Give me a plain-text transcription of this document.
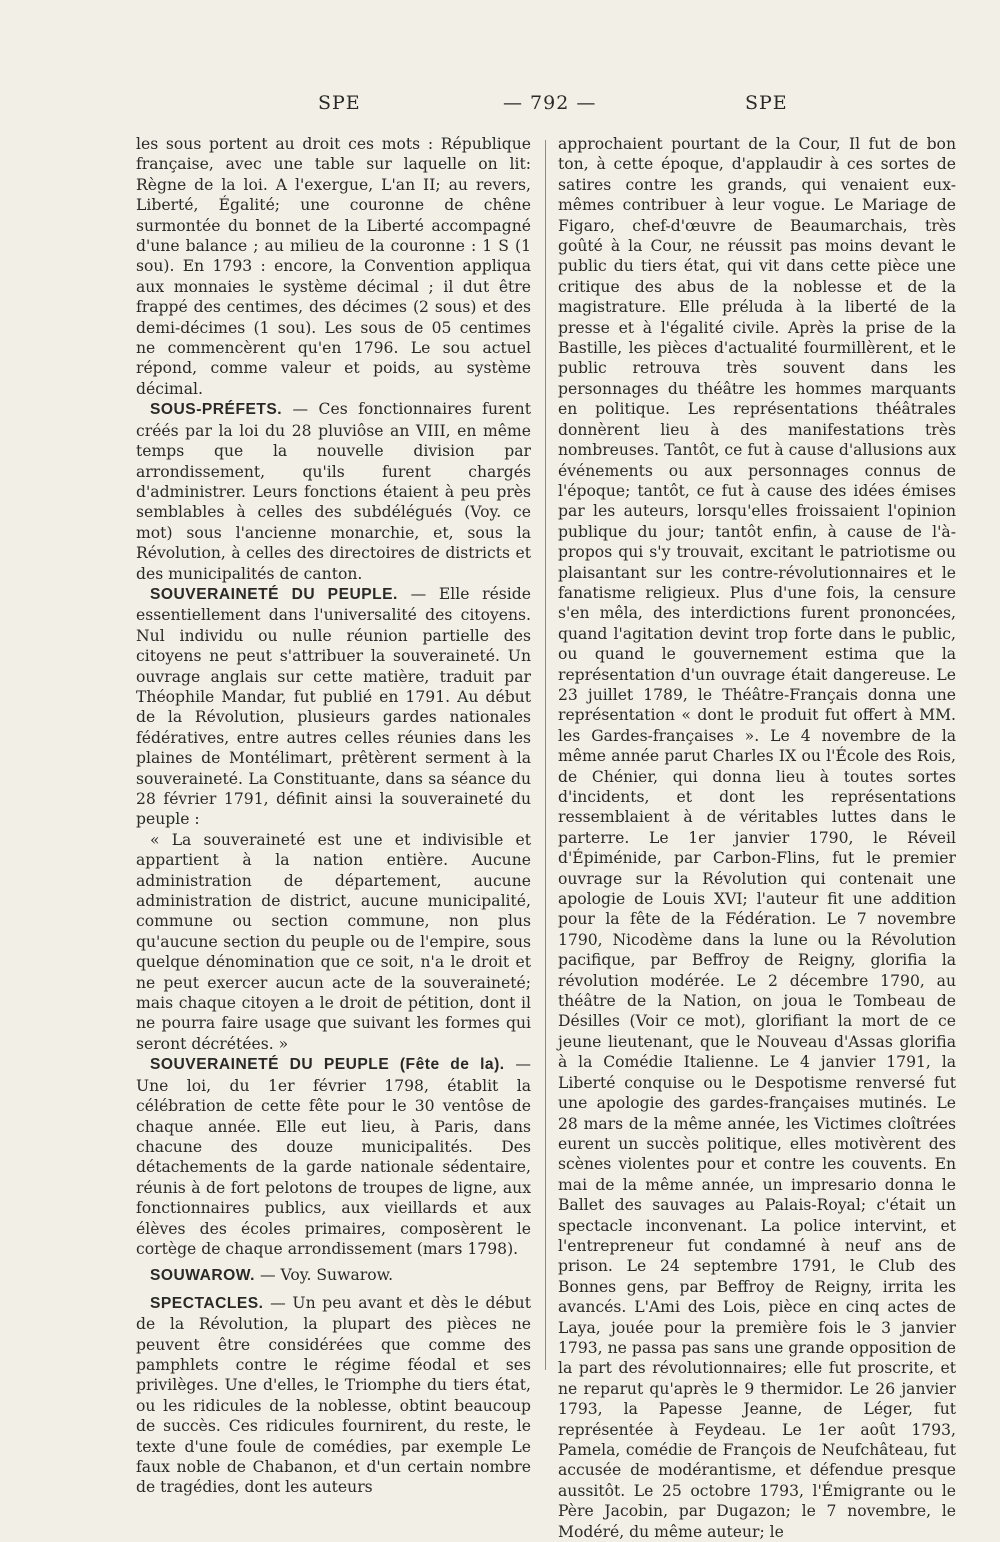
SPE	— 792 —	SPE

les sous portent au droit ces mots : République française, avec une table sur laquelle on lit: Règne de la loi. A l'exergue, L'an II; au revers, Liberté, Égalité; une couronne de chêne surmontée du bonnet de la Liberté accompagné d'une balance ; au milieu de la couronne : 1 S (1 sou). En 1793 : encore, la Convention appliqua aux monnaies le système décimal ; il dut être frappé des centimes, des décimes (2 sous) et des demi-décimes (1 sou). Les sous de 05 centimes ne commencèrent qu'en 1796. Le sou actuel répond, comme valeur et poids, au système décimal.

SOUS-PRÉFETS. — Ces fonctionnaires furent créés par la loi du 28 pluviôse an VIII, en même temps que la nouvelle division par arrondissement, qu'ils furent chargés d'administrer. Leurs fonctions étaient à peu près semblables à celles des subdélégués (Voy. ce mot) sous l'ancienne monarchie, et, sous la Révolution, à celles des directoires de districts et des municipalités de canton.

SOUVERAINETÉ DU PEUPLE. — Elle réside essentiellement dans l'universalité des citoyens. Nul individu ou nulle réunion partielle des citoyens ne peut s'attribuer la souveraineté. Un ouvrage anglais sur cette matière, traduit par Théophile Mandar, fut publié en 1791. Au début de la Révolution, plusieurs gardes nationales fédératives, entre autres celles réunies dans les plaines de Montélimart, prêtèrent serment à la souveraineté. La Constituante, dans sa séance du 28 février 1791, définit ainsi la souveraineté du peuple :

« La souveraineté est une et indivisible et appartient à la nation entière. Aucune administration de département, aucune administration de district, aucune municipalité, commune ou section commune, non plus qu'aucune section du peuple ou de l'empire, sous quelque dénomination que ce soit, n'a le droit et ne peut exercer aucun acte de la souveraineté; mais chaque citoyen a le droit de pétition, dont il ne pourra faire usage que suivant les formes qui seront décrétées. »

SOUVERAINETÉ DU PEUPLE (Fête de la). — Une loi, du 1er février 1798, établit la célébration de cette fête pour le 30 ventôse de chaque année. Elle eut lieu, à Paris, dans chacune des douze municipalités. Des détachements de la garde nationale sédentaire, réunis à de fort pelotons de troupes de ligne, aux fonctionnaires publics, aux vieillards et aux élèves des écoles primaires, composèrent le cortège de chaque arrondissement (mars 1798).

SOUWAROW. — Voy. Suwarow.

SPECTACLES. — Un peu avant et dès le début de la Révolution, la plupart des pièces ne peuvent être considérées que comme des pamphlets contre le régime féodal et ses privilèges. Une d'elles, le Triomphe du tiers état, ou les ridicules de la noblesse, obtint beaucoup de succès. Ces ridicules fournirent, du reste, le texte d'une foule de comédies, par exemple Le faux noble de Chabanon, et d'un certain nombre de tragédies, dont les auteurs

approchaient pourtant de la Cour, Il fut de bon ton, à cette époque, d'applaudir à ces sortes de satires contre les grands, qui venaient eux-mêmes contribuer à leur vogue. Le Mariage de Figaro, chef-d'œuvre de Beaumarchais, très goûté à la Cour, ne réussit pas moins devant le public du tiers état, qui vit dans cette pièce une critique des abus de la noblesse et de la magistrature. Elle préluda à la liberté de la presse et à l'égalité civile. Après la prise de la Bastille, les pièces d'actualité fourmillèrent, et le public retrouva très souvent dans les personnages du théâtre les hommes marquants en politique. Les représentations théâtrales donnèrent lieu à des manifestations très nombreuses. Tantôt, ce fut à cause d'allusions aux événements ou aux personnages connus de l'époque; tantôt, ce fut à cause des idées émises par les auteurs, lorsqu'elles froissaient l'opinion publique du jour; tantôt enfin, à cause de l'à-propos qui s'y trouvait, excitant le patriotisme ou plaisantant sur les contre-révolutionnaires et le fanatisme religieux. Plus d'une fois, la censure s'en mêla, des interdictions furent prononcées, quand l'agitation devint trop forte dans le public, ou quand le gouvernement estima que la représentation d'un ouvrage était dangereuse. Le 23 juillet 1789, le Théâtre-Français donna une représentation « dont le produit fut offert à MM. les Gardes-françaises ». Le 4 novembre de la même année parut Charles IX ou l'École des Rois, de Chénier, qui donna lieu à toutes sortes d'incidents, et dont les représentations ressemblaient à de véritables luttes dans le parterre. Le 1er janvier 1790, le Réveil d'Épiménide, par Carbon-Flins, fut le premier ouvrage sur la Révolution qui contenait une apologie de Louis XVI; l'auteur fit une addition pour la fête de la Fédération. Le 7 novembre 1790, Nicodème dans la lune ou la Révolution pacifique, par Beffroy de Reigny, glorifia la révolution modérée. Le 2 décembre 1790, au théâtre de la Nation, on joua le Tombeau de Désilles (Voir ce mot), glorifiant la mort de ce jeune lieutenant, que le Nouveau d'Assas glorifia à la Comédie Italienne. Le 4 janvier 1791, la Liberté conquise ou le Despotisme renversé fut une apologie des gardes-françaises mutinés. Le 28 mars de la même année, les Victimes cloîtrées eurent un succès politique, elles motivèrent des scènes violentes pour et contre les couvents. En mai de la même année, un impresario donna le Ballet des sauvages au Palais-Royal; c'était un spectacle inconvenant. La police intervint, et l'entrepreneur fut condamné à neuf ans de prison. Le 24 septembre 1791, le Club des Bonnes gens, par Beffroy de Reigny, irrita les avancés. L'Ami des Lois, pièce en cinq actes de Laya, jouée pour la première fois le 3 janvier 1793, ne passa pas sans une grande opposition de la part des révolutionnaires; elle fut proscrite, et ne reparut qu'après le 9 thermidor. Le 26 janvier 1793, la Papesse Jeanne, de Léger, fut représentée à Feydeau. Le 1er août 1793, Pamela, comédie de François de Neufchâteau, fut accusée de modérantisme, et défendue presque aussitôt. Le 25 octobre 1793, l'Émigrante ou le Père Jacobin, par Dugazon; le 7 novembre, le Modéré, du même auteur; le
